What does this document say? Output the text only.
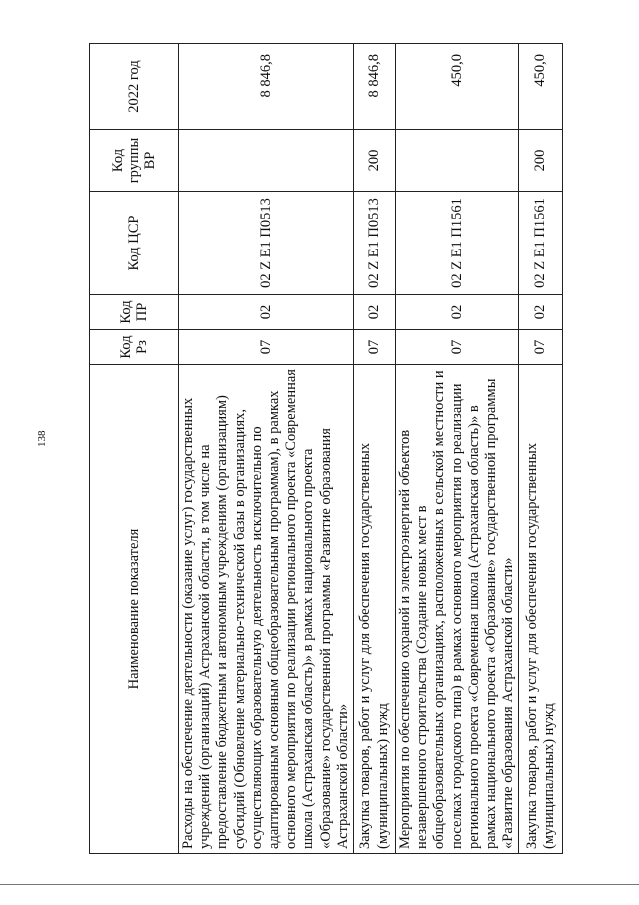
138
Наименование показателя	Код Рз	Код ПР	Код ЦСР	Код группы ВР	2022 год
Расходы на обеспечение деятельности (оказание услуг) государственных учреждений (организаций) Астраханской области, в том числе на предоставление бюджетным и автономным учреждениям (организациям) субсидий (Обновление материально-технической базы в организациях, осуществляющих образовательную деятельность исключительно по адаптированным основным общеобразовательным программам), в рамках основного мероприятия по реализации регионального проекта «Современная школа (Астраханская область)» в рамках национального проекта «Образование» государственной программы «Развитие образования Астраханской области»	07	02	02 Z E1 П0513		8 846,8
Закупка товаров, работ и услуг для обеспечения государственных (муниципальных) нужд	07	02	02 Z E1 П0513	200	8 846,8
Мероприятия по обеспечению охраной и электроэнергией объектов незавершенного строительства (Создание новых мест в общеобразовательных организациях, расположенных в сельской местности и поселках городского типа) в рамках основного мероприятия по реализации регионального проекта «Современная школа (Астраханская область)» в рамках национального проекта «Образование» государственной программы «Развитие образования Астраханской области»	07	02	02 Z E1 П1561		450,0
Закупка товаров, работ и услуг для обеспечения государственных (муниципальных) нужд	07	02	02 Z E1 П1561	200	450,0
